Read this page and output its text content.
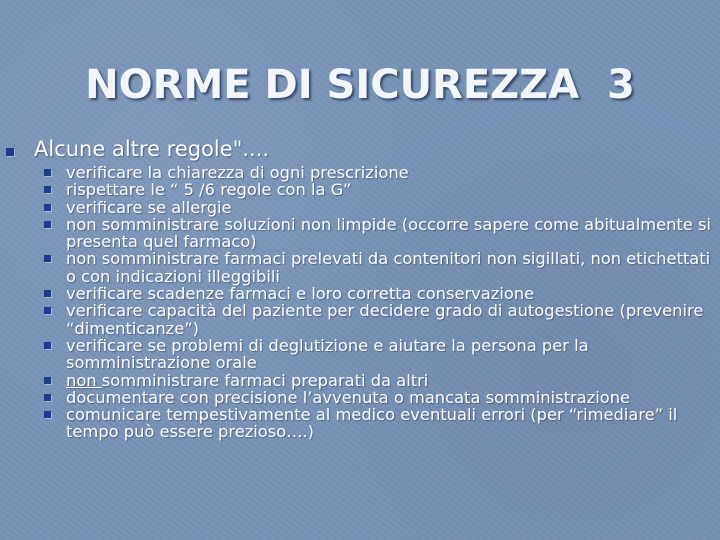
NORME DI SICUREZZA  3
Alcune altre regole"....
verificare la chiarezza di ogni prescrizione
rispettare le “ 5 /6 regole con la G”
verificare se allergie
non somministrare soluzioni non limpide (occorre sapere come abitualmente si presenta quel farmaco)
non somministrare farmaci prelevati da contenitori non sigillati, non etichettati o con indicazioni illeggibili
verificare scadenze farmaci e loro corretta conservazione
verificare capacità del paziente per decidere grado di autogestione (prevenire “dimenticanze”)
verificare se problemi di deglutizione e aiutare la persona per la somministrazione orale
non somministrare farmaci preparati da altri
documentare con precisione l’avvenuta o mancata somministrazione
comunicare tempestivamente al medico eventuali errori (per “rimediare” il tempo può essere prezioso….)
